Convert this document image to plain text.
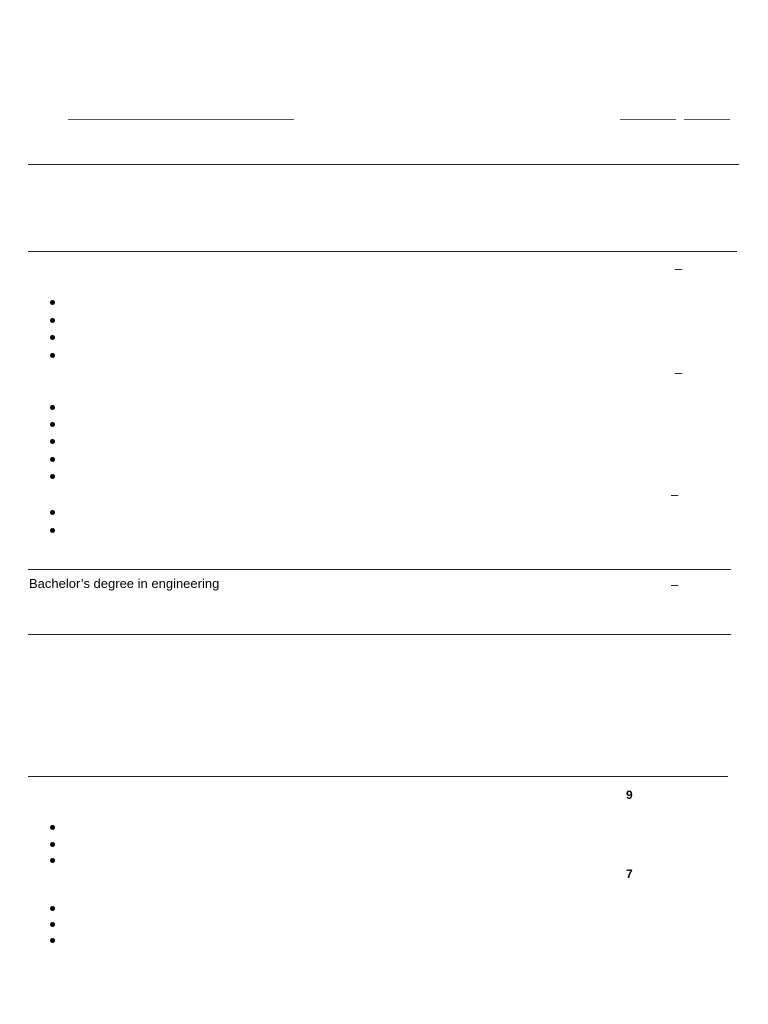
–
–
–
Bachelor’s degree in engineering	–
9
7
